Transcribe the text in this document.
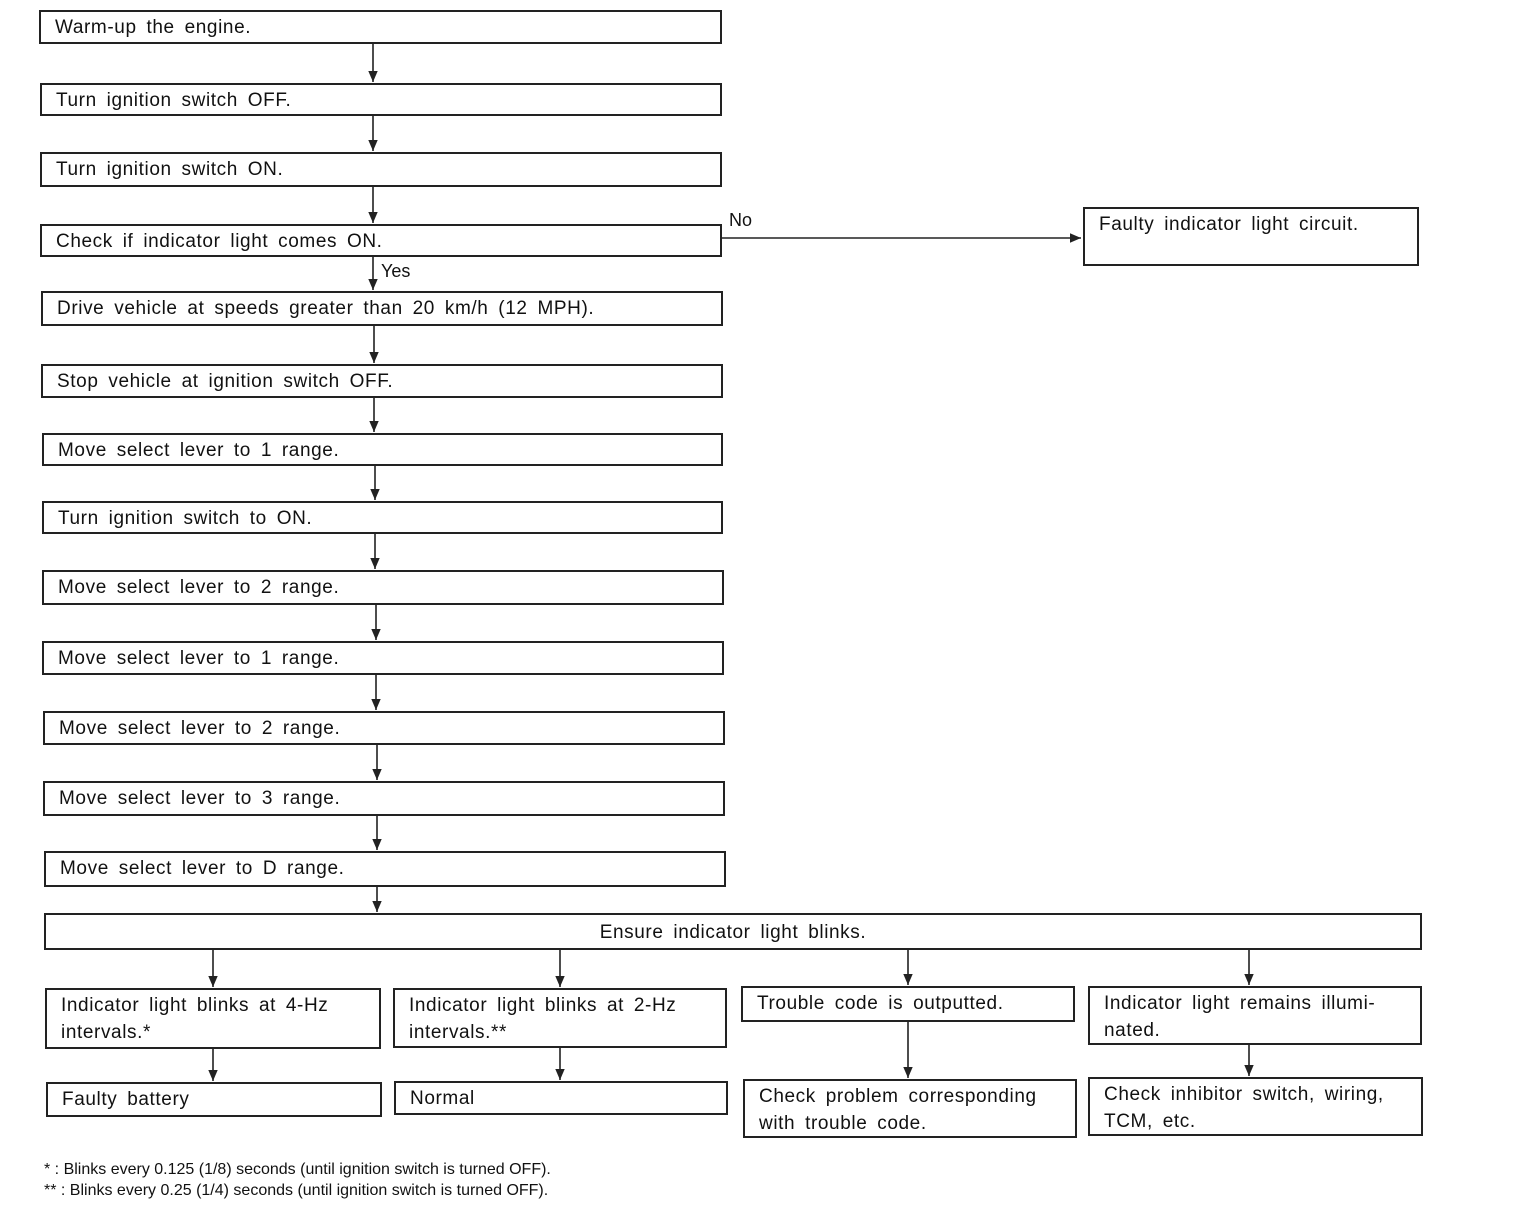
Warm-up the engine.
Turn ignition switch OFF.
Turn ignition switch ON.
Check if indicator light comes ON.
Drive vehicle at speeds greater than 20 km/h (12 MPH).
Stop vehicle at ignition switch OFF.
Move select lever to 1 range.
Turn ignition switch to ON.
Move select lever to 2 range.
Move select lever to 1 range.
Move select lever to 2 range.
Move select lever to 3 range.
Move select lever to D range.
No
Yes
Faulty indicator light circuit.
Ensure indicator light blinks.
Indicator light blinks at 4-Hz
intervals.*
Indicator light blinks at 2-Hz
intervals.**
Trouble code is outputted.	Indicator light remains illumi-
nated.
Faulty battery	Normal	Check problem corresponding
with trouble code.
Check inhibitor switch, wiring,
TCM, etc.
* : Blinks every 0.125 (1/8) seconds (until ignition switch is turned OFF).
** : Blinks every 0.25 (1/4) seconds (until ignition switch is turned OFF).
